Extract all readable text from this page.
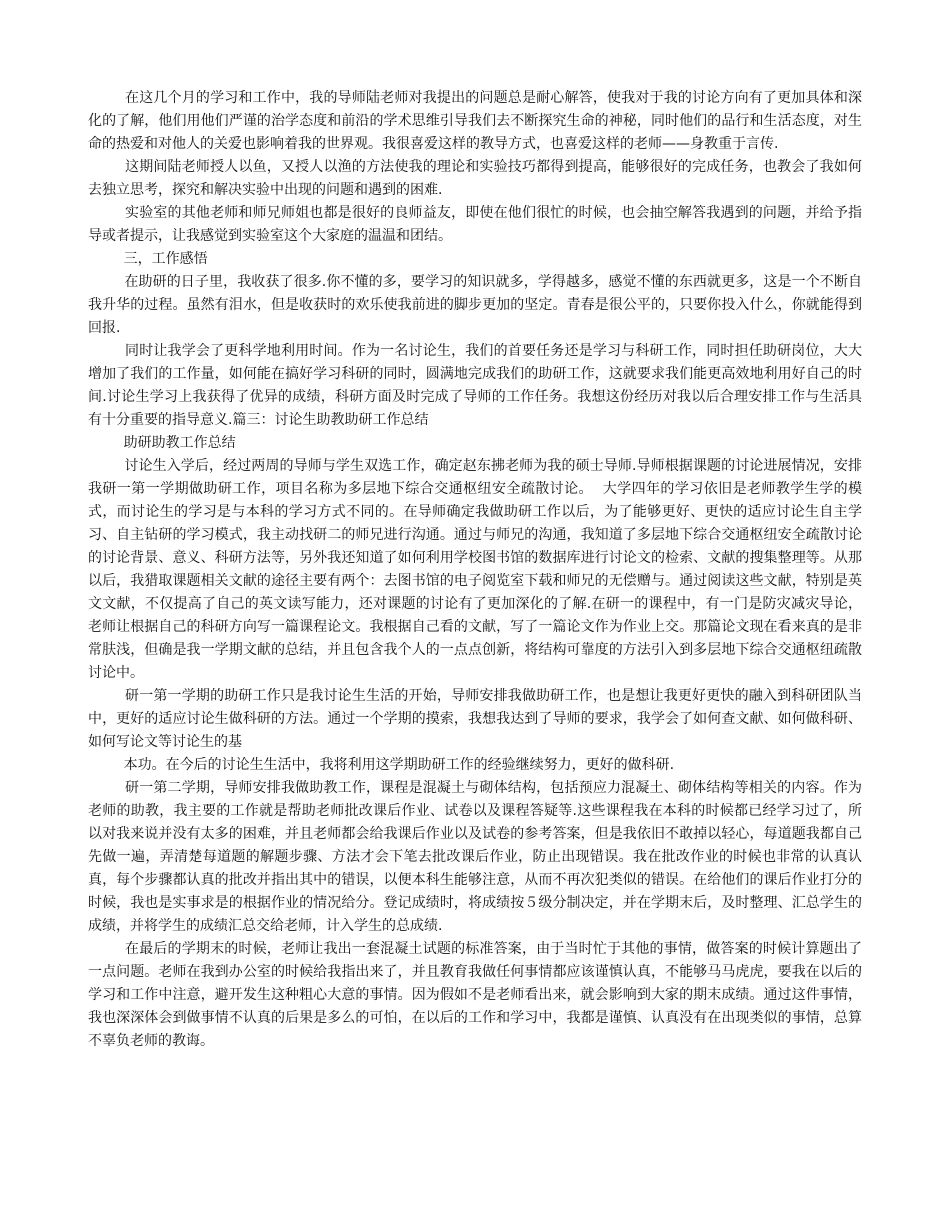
在这几个月的学习和工作中，我的导师陆老师对我提出的问题总是耐心解答，使我对于我的讨论方向有了更加具体和深化的了解，他们用他们严谨的治学态度和前沿的学术思维引导我们去不断探究生命的神秘，同时他们的品行和生活态度，对生命的热爱和对他人的关爱也影响着我的世界观。我很喜爱这样的教导方式，也喜爱这样的老师——身教重于言传.

这期间陆老师授人以鱼，又授人以渔的方法使我的理论和实验技巧都得到提高，能够很好的完成任务，也教会了我如何去独立思考，探究和解决实验中出现的问题和遇到的困难.

实验室的其他老师和师兄师姐也都是很好的良师益友，即使在他们很忙的时候，也会抽空解答我遇到的问题，并给予指导或者提示，让我感觉到实验室这个大家庭的温温和团结。

三，工作感悟

在助研的日子里，我收获了很多.你不懂的多，要学习的知识就多，学得越多，感觉不懂的东西就更多，这是一个不断自我升华的过程。虽然有泪水，但是收获时的欢乐使我前进的脚步更加的坚定。青春是很公平的，只要你投入什么，你就能得到回报.

同时让我学会了更科学地利用时间。作为一名讨论生，我们的首要任务还是学习与科研工作，同时担任助研岗位，大大增加了我们的工作量，如何能在搞好学习科研的同时，圆满地完成我们的助研工作，这就要求我们能更高效地利用好自己的时间.讨论生学习上我获得了优异的成绩，科研方面及时完成了导师的工作任务。我想这份经历对我以后合理安排工作与生活具有十分重要的指导意义.篇三：讨论生助教助研工作总结

助研助教工作总结

讨论生入学后，经过两周的导师与学生双选工作，确定赵东拂老师为我的硕士导师.导师根据课题的讨论进展情况，安排我研一第一学期做助研工作，项目名称为多层地下综合交通枢纽安全疏散讨论。  大学四年的学习依旧是老师教学生学的模式，而讨论生的学习是与本科的学习方式不同的。在导师确定我做助研工作以后，为了能够更好、更快的适应讨论生自主学习、自主钻研的学习模式，我主动找研二的师兄进行沟通。通过与师兄的沟通，我知道了多层地下综合交通枢纽安全疏散讨论的讨论背景、意义、科研方法等，另外我还知道了如何利用学校图书馆的数据库进行讨论文的检索、文献的搜集整理等。从那以后，我猎取课题相关文献的途径主要有两个：去图书馆的电子阅览室下载和师兄的无偿赠与。通过阅读这些文献，特别是英文文献，不仅提高了自己的英文读写能力，还对课题的讨论有了更加深化的了解.在研一的课程中，有一门是防灾减灾导论，老师让根据自己的科研方向写一篇课程论文。我根据自己看的文献，写了一篇论文作为作业上交。那篇论文现在看来真的是非常肤浅，但确是我一学期文献的总结，并且包含我个人的一点点创新，将结构可靠度的方法引入到多层地下综合交通枢纽疏散讨论中。

研一第一学期的助研工作只是我讨论生生活的开始，导师安排我做助研工作，也是想让我更好更快的融入到科研团队当中，更好的适应讨论生做科研的方法。通过一个学期的摸索，我想我达到了导师的要求，我学会了如何查文献、如何做科研、如何写论文等讨论生的基

本功。在今后的讨论生生活中，我将利用这学期助研工作的经验继续努力，更好的做科研.

研一第二学期，导师安排我做助教工作，课程是混凝土与砌体结构，包括预应力混凝土、砌体结构等相关的内容。作为老师的助教，我主要的工作就是帮助老师批改课后作业、试卷以及课程答疑等.这些课程我在本科的时候都已经学习过了，所以对我来说并没有太多的困难，并且老师都会给我课后作业以及试卷的参考答案，但是我依旧不敢掉以轻心，每道题我都自己先做一遍，弄清楚每道题的解题步骤、方法才会下笔去批改课后作业，防止出现错误。我在批改作业的时候也非常的认真认真，每个步骤都认真的批改并指出其中的错误，以便本科生能够注意，从而不再次犯类似的错误。在给他们的课后作业打分的时候，我也是实事求是的根据作业的情况给分。登记成绩时，将成绩按５级分制决定，并在学期末后，及时整理、汇总学生的成绩，并将学生的成绩汇总交给老师，计入学生的总成绩.

在最后的学期末的时候，老师让我出一套混凝土试题的标准答案，由于当时忙于其他的事情，做答案的时候计算题出了一点问题。老师在我到办公室的时候给我指出来了，并且教育我做任何事情都应该谨慎认真，不能够马马虎虎，要我在以后的学习和工作中注意，避开发生这种粗心大意的事情。因为假如不是老师看出来，就会影响到大家的期末成绩。通过这件事情，我也深深体会到做事情不认真的后果是多么的可怕，在以后的工作和学习中，我都是谨慎、认真没有在出现类似的事情，总算不辜负老师的教诲。
